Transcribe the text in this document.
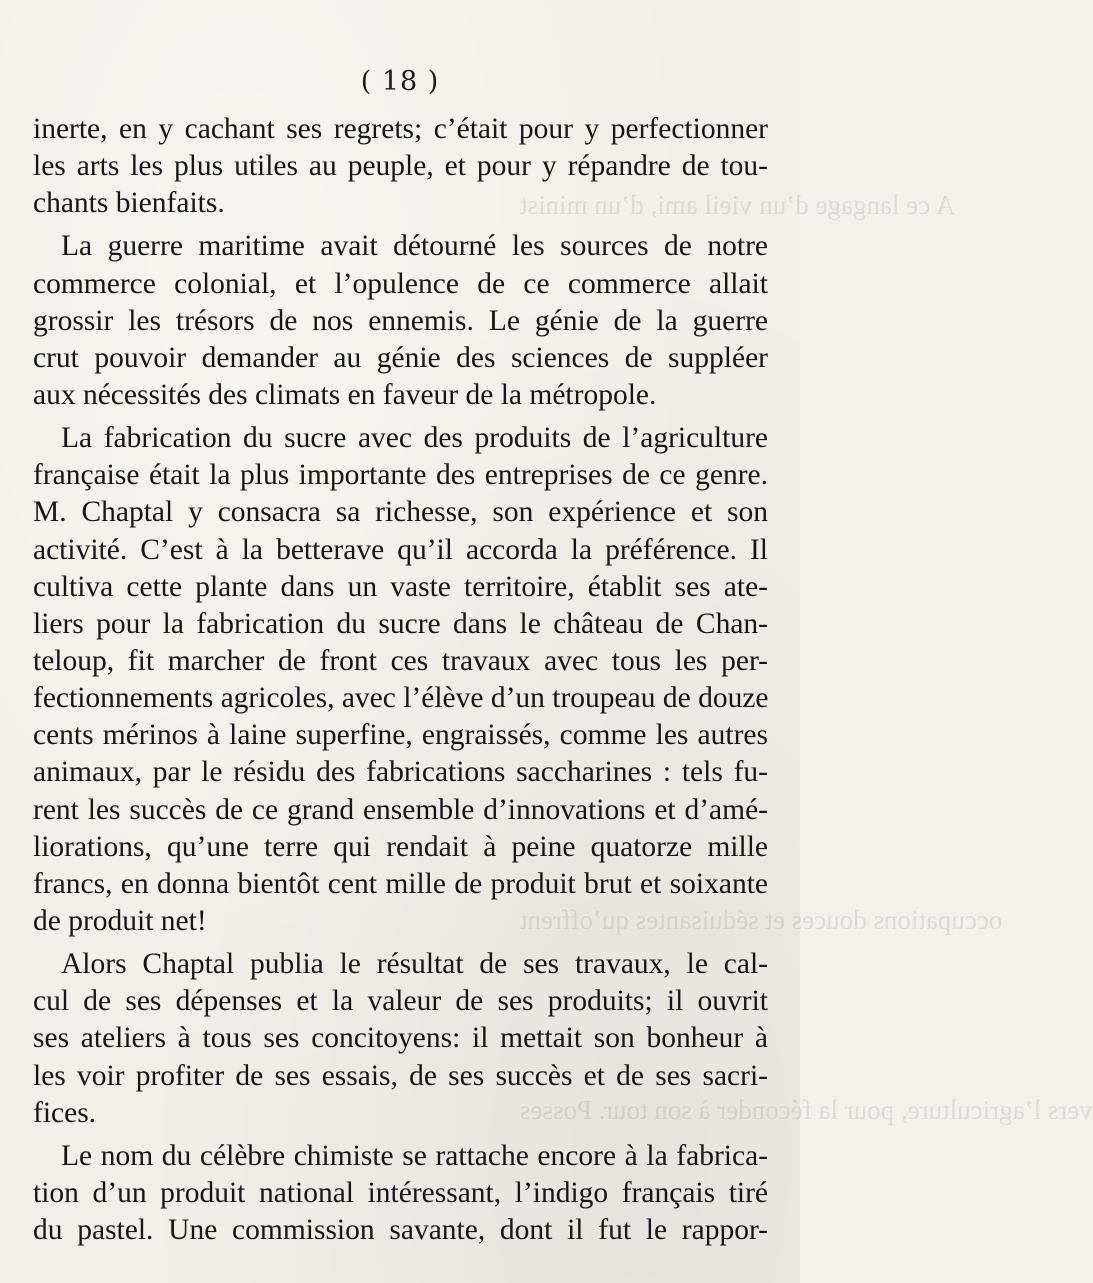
A ce langage d’un vieil ami, d’un minist
occupations douces et séduisantes qu’offrent
vers l’agriculture, pour la féconder à son tour. Posses
( 18 )
inerte, en y cachant ses regrets; c’était pour y perfectionner
les arts les plus utiles au peuple, et pour y répandre de tou-
chants bienfaits.
La guerre maritime avait détourné les sources de notre
commerce colonial, et l’opulence de ce commerce allait
grossir les trésors de nos ennemis. Le génie de la guerre
crut pouvoir demander au génie des sciences de suppléer
aux nécessités des climats en faveur de la métropole.
La fabrication du sucre avec des produits de l’agriculture
française était la plus importante des entreprises de ce genre.
M. Chaptal y consacra sa richesse, son expérience et son
activité. C’est à la betterave qu’il accorda la préférence. Il
cultiva cette plante dans un vaste territoire, établit ses ate-
liers pour la fabrication du sucre dans le château de Chan-
teloup, fit marcher de front ces travaux avec tous les per-
fectionnements agricoles, avec l’élève d’un troupeau de douze
cents mérinos à laine superfine, engraissés, comme les autres
animaux, par le résidu des fabrications saccharines : tels fu-
rent les succès de ce grand ensemble d’innovations et d’amé-
liorations, qu’une terre qui rendait à peine quatorze mille
francs, en donna bientôt cent mille de produit brut et soixante
de produit net!
Alors Chaptal publia le résultat de ses travaux, le cal-
cul de ses dépenses et la valeur de ses produits; il ouvrit
ses ateliers à tous ses concitoyens: il mettait son bonheur à
les voir profiter de ses essais, de ses succès et de ses sacri-
fices.
Le nom du célèbre chimiste se rattache encore à la fabrica-
tion d’un produit national intéressant, l’indigo français tiré
du pastel. Une commission savante, dont il fut le rappor-
